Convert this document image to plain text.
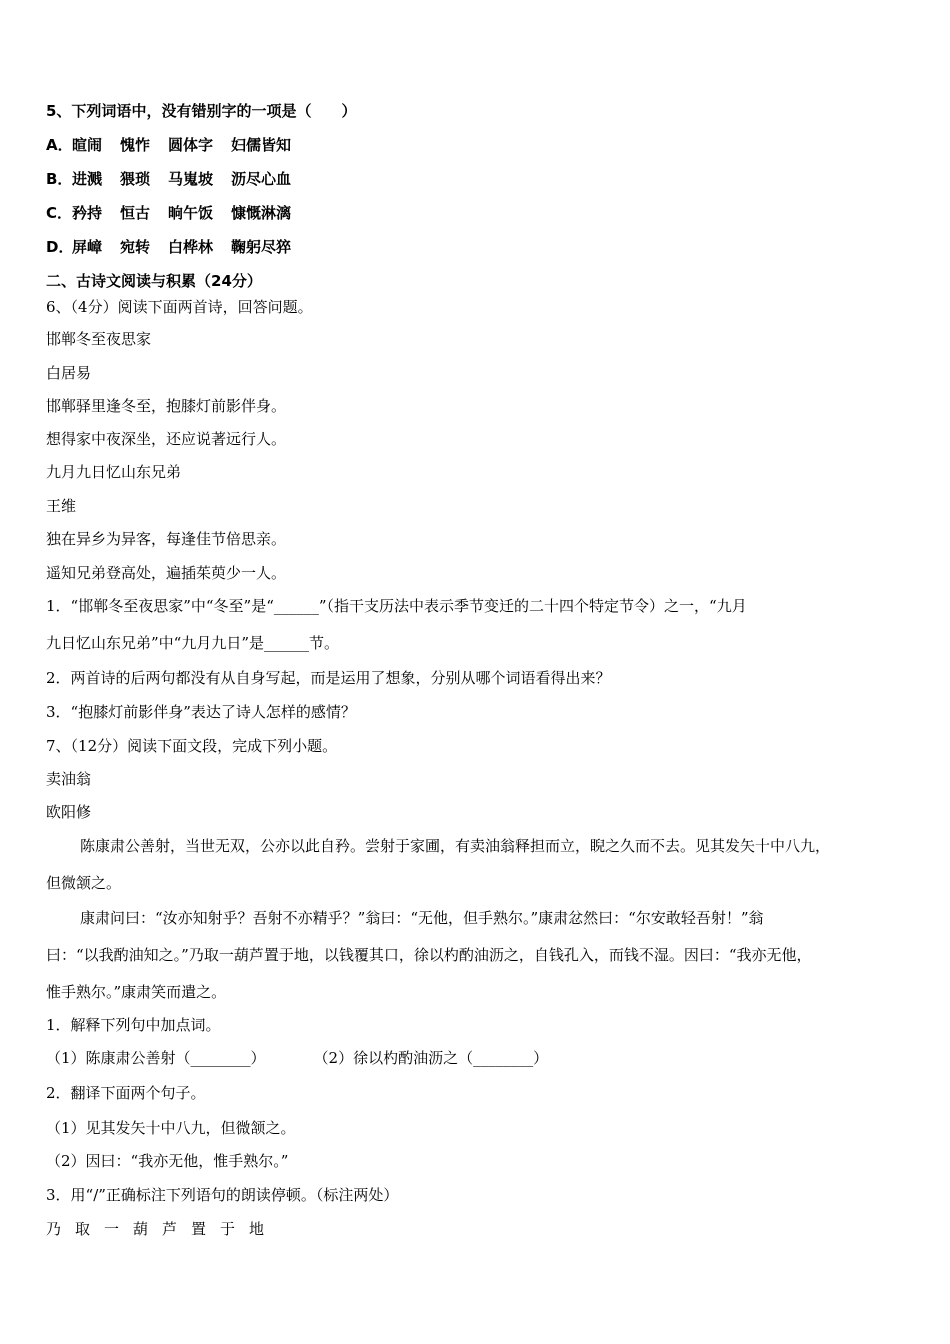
5、下列词语中，没有错别字的一项是（　　）
A．暄闹 愧怍 圆体字 妇儒皆知
B．进溅 猥琐 马嵬坡 沥尽心血
C．矜持 恒古 晌午饭 慷慨淋漓
D．屏嶂 宛转 白桦林 鞠躬尽猝
二、古诗文阅读与积累（24分）
6、（4分）阅读下面两首诗，回答问题。
邯郸冬至夜思家
白居易
邯郸驿里逢冬至，抱膝灯前影伴身。
想得家中夜深坐，还应说著远行人。
九月九日忆山东兄弟
王维
独在异乡为异客，每逢佳节倍思亲。
遥知兄弟登高处，遍插茱萸少一人。
1．“邯郸冬至夜思家”中“冬至”是“______”（指干支历法中表示季节变迁的二十四个特定节令）之一，“九月
九日忆山东兄弟”中“九月九日”是______节。
2．两首诗的后两句都没有从自身写起，而是运用了想象，分别从哪个词语看得出来？
3．“抱膝灯前影伴身”表达了诗人怎样的感情？
7、（12分）阅读下面文段，完成下列小题。
卖油翁
欧阳修
陈康肃公善射，当世无双，公亦以此自矜。尝射于家圃，有卖油翁释担而立，睨之久而不去。见其发矢十中八九，
但微颔之。
康肃问曰：“汝亦知射乎？吾射不亦精乎？”翁曰：“无他，但手熟尔。”康肃忿然曰：“尔安敢轻吾射！”翁
曰：“以我酌油知之。”乃取一葫芦置于地，以钱覆其口，徐以杓酌油沥之，自钱孔入，而钱不湿。因曰：“我亦无他，
惟手熟尔。”康肃笑而遣之。
1．解释下列句中加点词。
（1）陈康肃公善射（________）	（2）徐以杓酌油沥之（________）
2．翻译下面两个句子。
（1）见其发矢十中八九，但微颔之。
（2）因曰：“我亦无他，惟手熟尔。”
3．用“/”正确标注下列语句的朗读停顿。（标注两处）
乃取一葫芦置于地
